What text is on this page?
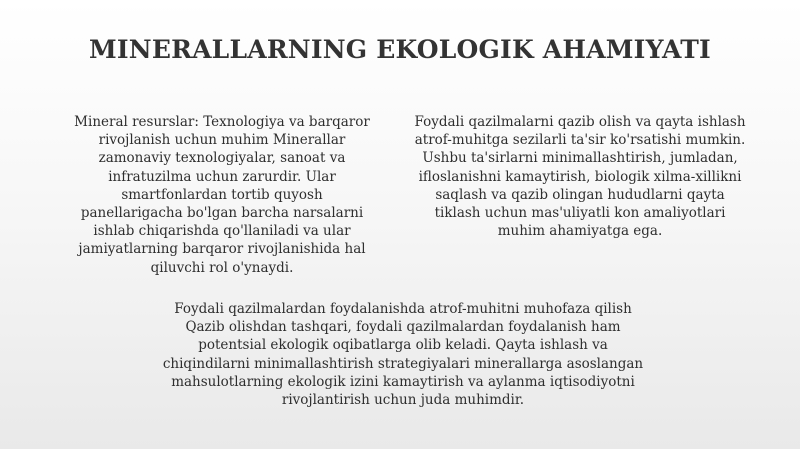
MINERALLARNING EKOLOGIK AHAMIYATI
Mineral resurslar: Texnologiya va barqaror
rivojlanish uchun muhim Minerallar
zamonaviy texnologiyalar, sanoat va
infratuzilma uchun zarurdir. Ular
smartfonlardan tortib quyosh
panellarigacha bo'lgan barcha narsalarni
ishlab chiqarishda qo'llaniladi va ular
jamiyatlarning barqaror rivojlanishida hal
qiluvchi rol o'ynaydi.
Foydali qazilmalarni qazib olish va qayta ishlash
atrof-muhitga sezilarli ta'sir ko'rsatishi mumkin.
Ushbu ta'sirlarni minimallashtirish, jumladan,
ifloslanishni kamaytirish, biologik xilma-xillikni
saqlash va qazib olingan hududlarni qayta
tiklash uchun mas'uliyatli kon amaliyotlari
muhim ahamiyatga ega.
Foydali qazilmalardan foydalanishda atrof-muhitni muhofaza qilish
Qazib olishdan tashqari, foydali qazilmalardan foydalanish ham
potentsial ekologik oqibatlarga olib keladi. Qayta ishlash va
chiqindilarni minimallashtirish strategiyalari minerallarga asoslangan
mahsulotlarning ekologik izini kamaytirish va aylanma iqtisodiyotni
rivojlantirish uchun juda muhimdir.
